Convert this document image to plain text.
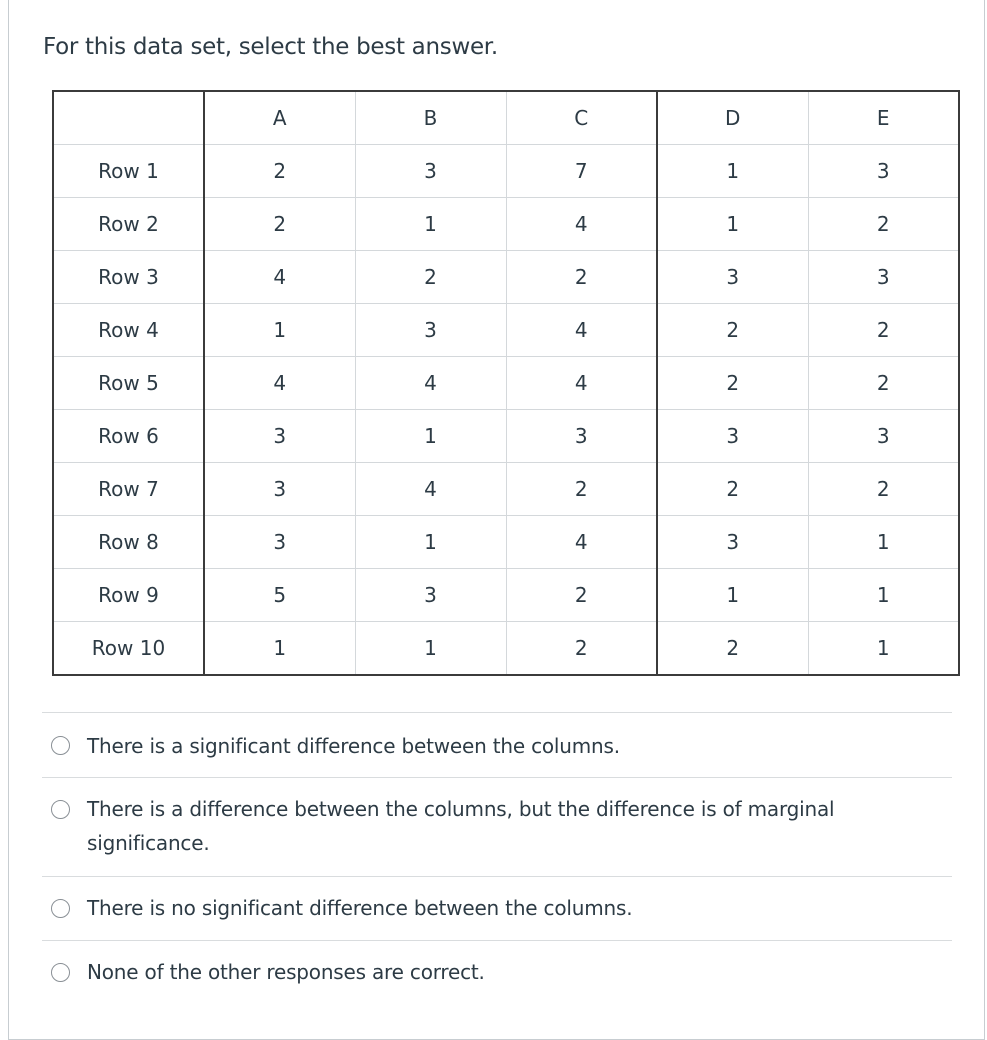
For this data set, select the best answer.

	A	B	C	D	E
Row 1	2	3	7	1	3
Row 2	2	1	4	1	2
Row 3	4	2	2	3	3
Row 4	1	3	4	2	2
Row 5	4	4	4	2	2
Row 6	3	1	3	3	3
Row 7	3	4	2	2	2
Row 8	3	1	4	3	1
Row 9	5	3	2	1	1
Row 10	1	1	2	2	1
There is a significant difference between the columns.
There is a difference between the columns, but the difference is of marginal significance.
There is no significant difference between the columns.
None of the other responses are correct.
